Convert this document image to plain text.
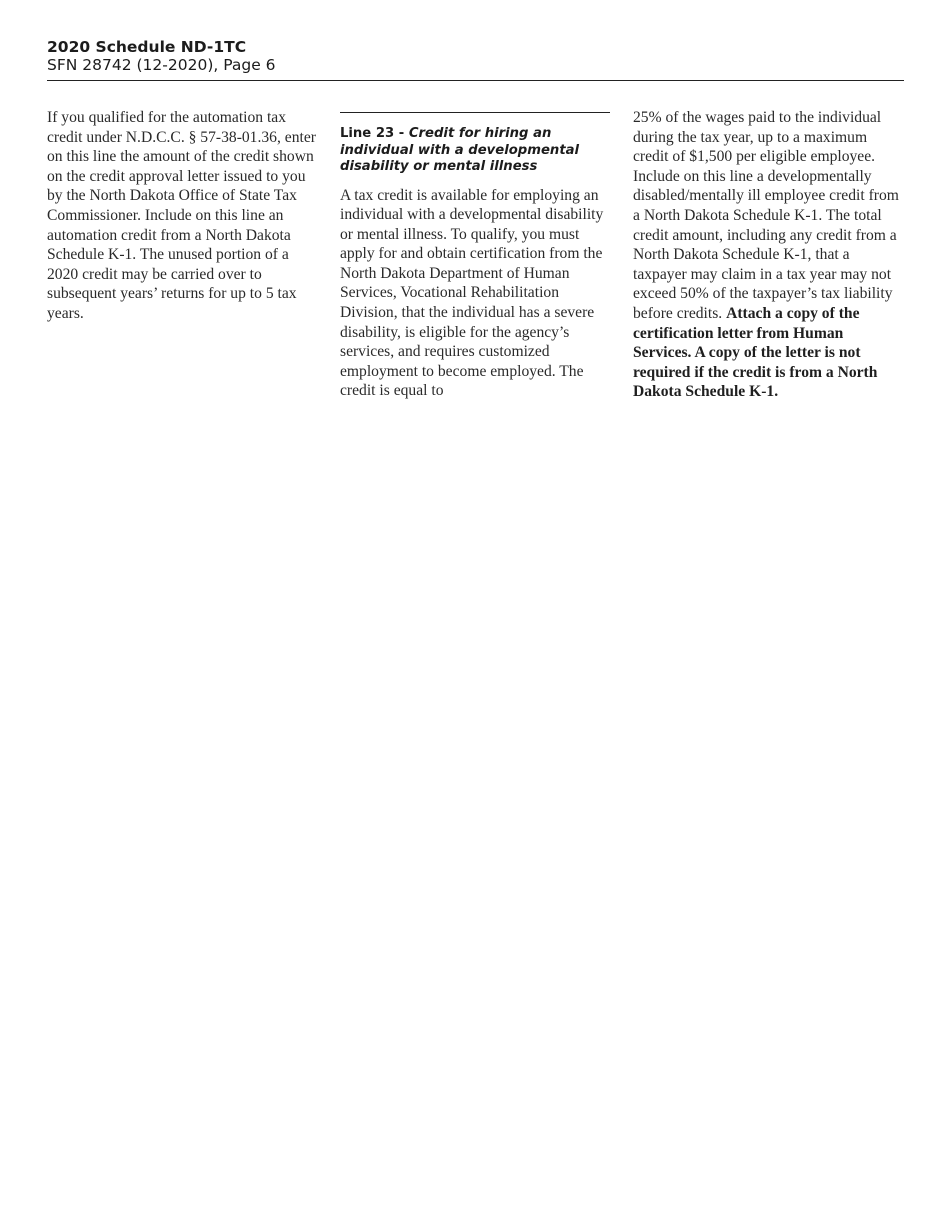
2020 Schedule ND-1TC
SFN 28742 (12-2020), Page 6

If you qualified for the automation tax credit under N.D.C.C. § 57-38-01.36, enter on this line the amount of the credit shown on the credit approval letter issued to you by the North Dakota Office of State Tax Commissioner. Include on this line an automation credit from a North Dakota Schedule K-1. The unused portion of a 2020 credit may be carried over to subsequent years’ returns for up to 5 tax years.

Line 23 - Credit for hiring an individual with a developmental disability or mental illness

A tax credit is available for employing an individual with a developmental disability or mental illness. To qualify, you must apply for and obtain certification from the North Dakota Department of Human Services, Vocational Rehabilitation Division, that the individual has a severe disability, is eligible for the agency’s services, and requires customized employment to become employed. The credit is equal to

25% of the wages paid to the individual during the tax year, up to a maximum credit of $1,500 per eligible employee. Include on this line a developmentally disabled/mentally ill employee credit from a North Dakota Schedule K-1. The total credit amount, including any credit from a North Dakota Schedule K-1, that a taxpayer may claim in a tax year may not exceed 50% of the taxpayer’s tax liability before credits. Attach a copy of the certification letter from Human Services. A copy of the letter is not required if the credit is from a North Dakota Schedule K-1.
